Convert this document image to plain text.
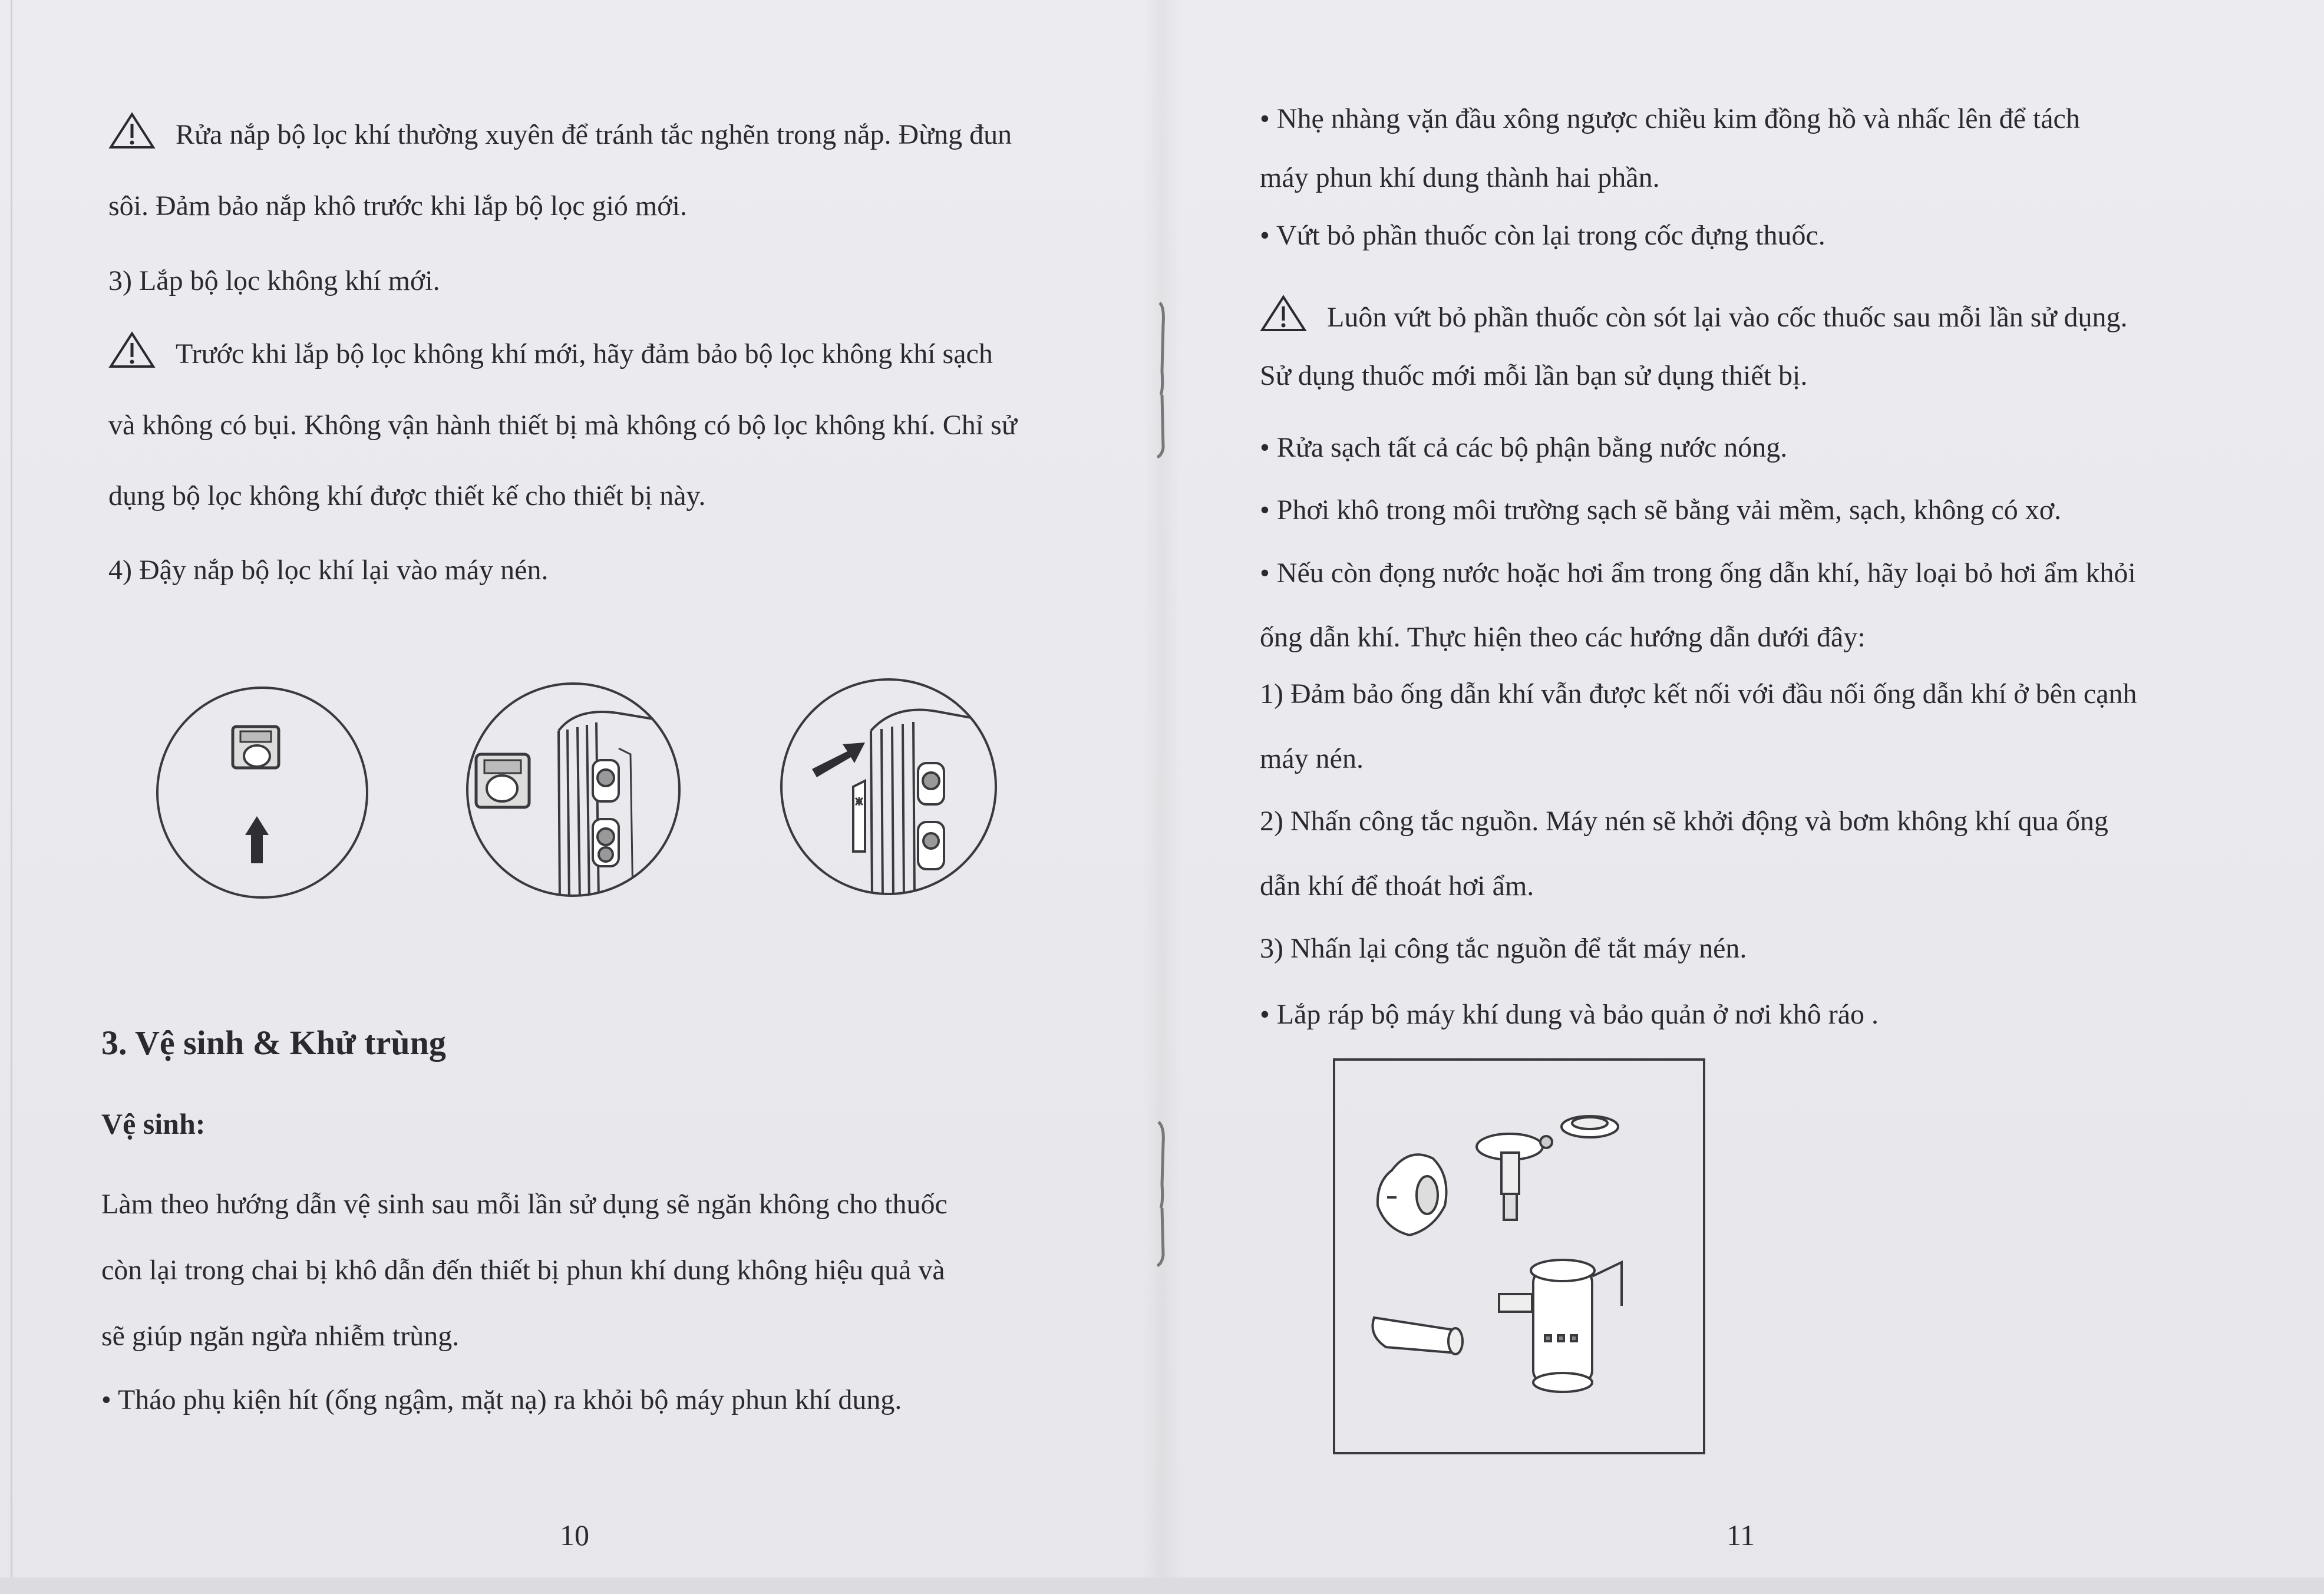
Rửa nắp bộ lọc khí thường xuyên để tránh tắc nghẽn trong nắp. Đừng đun
sôi. Đảm bảo nắp khô trước khi lắp bộ lọc gió mới.
3) Lắp bộ lọc không khí mới.
Trước khi lắp bộ lọc không khí mới, hãy đảm bảo bộ lọc không khí sạch
và không có bụi. Không vận hành thiết bị mà không có bộ lọc không khí. Chỉ sử
dụng bộ lọc không khí được thiết kế cho thiết bị này.
4) Đậy nắp bộ lọc khí lại vào máy nén.
3. Vệ sinh & Khử trùng
Vệ sinh:
Làm theo hướng dẫn vệ sinh sau mỗi lần sử dụng sẽ ngăn không cho thuốc
còn lại trong chai bị khô dẫn đến thiết bị phun khí dung không hiệu quả và
sẽ giúp ngăn ngừa nhiễm trùng.
• Tháo phụ kiện hít (ống ngậm, mặt nạ) ra khỏi bộ máy phun khí dung.
10
• Nhẹ nhàng vặn đầu xông ngược chiều kim đồng hồ và nhấc lên để tách
máy phun khí dung thành hai phần.
• Vứt bỏ phần thuốc còn lại trong cốc đựng thuốc.
Luôn vứt bỏ phần thuốc còn sót lại vào cốc thuốc sau mỗi lần sử dụng.
Sử dụng thuốc mới mỗi lần bạn sử dụng thiết bị.
• Rửa sạch tất cả các bộ phận bằng nước nóng.
• Phơi khô trong môi trường sạch sẽ bằng vải mềm, sạch, không có xơ.
• Nếu còn đọng nước hoặc hơi ẩm trong ống dẫn khí, hãy loại bỏ hơi ẩm khỏi
ống dẫn khí. Thực hiện theo các hướng dẫn dưới đây:
1) Đảm bảo ống dẫn khí vẫn được kết nối với đầu nối ống dẫn khí ở bên cạnh
máy nén.
2) Nhấn công tắc nguồn. Máy nén sẽ khởi động và bơm không khí qua ống
dẫn khí để thoát hơi ẩm.
3) Nhấn lại công tắc nguồn để tắt máy nén.
• Lắp ráp bộ máy khí dung và bảo quản ở nơi khô ráo .
11
